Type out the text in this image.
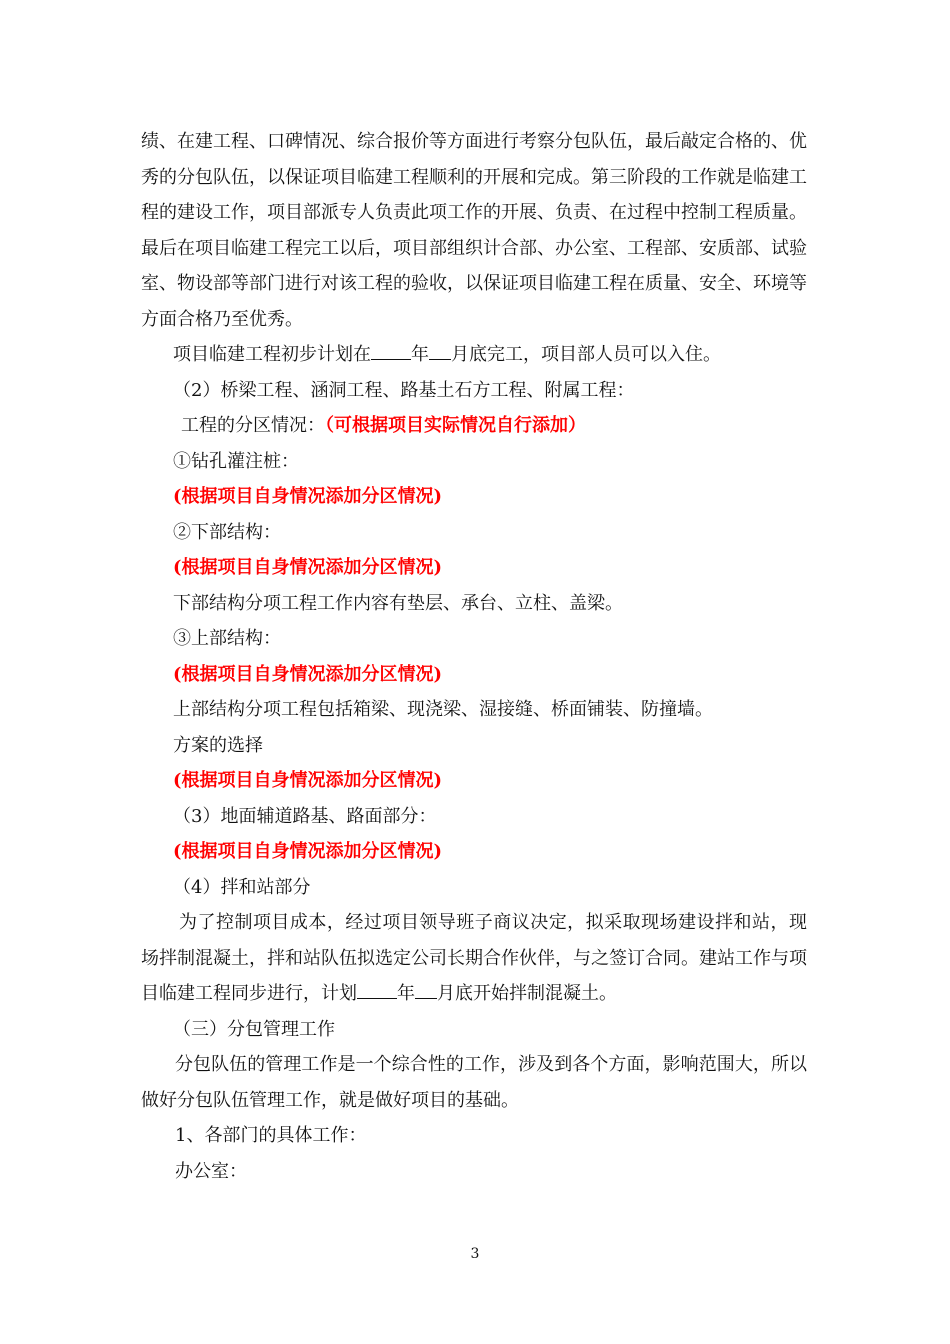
绩、在建工程、口碑情况、综合报价等方面进行考察分包队伍，最后敲定合格的、优秀的分包队伍，以保证项目临建工程顺利的开展和完成。第三阶段的工作就是临建工程的建设工作，项目部派专人负责此项工作的开展、负责、在过程中控制工程质量。最后在项目临建工程完工以后，项目部组织计合部、办公室、工程部、安质部、试验室、物设部等部门进行对该工程的验收，以保证项目临建工程在质量、安全、环境等方面合格乃至优秀。

项目临建工程初步计划在 年 月底完工，项目部人员可以入住。

（2）桥梁工程、涵洞工程、路基土石方工程、附属工程：

工程的分区情况：（可根据项目实际情况自行添加）

①钻孔灌注桩：

(根据项目自身情况添加分区情况)

②下部结构：

(根据项目自身情况添加分区情况)

下部结构分项工程工作内容有垫层、承台、立柱、盖梁。

③上部结构：

(根据项目自身情况添加分区情况)

上部结构分项工程包括箱梁、现浇梁、湿接缝、桥面铺装、防撞墙。

方案的选择

(根据项目自身情况添加分区情况)

（3）地面辅道路基、路面部分：

(根据项目自身情况添加分区情况)

（4）拌和站部分

为了控制项目成本，经过项目领导班子商议决定，拟采取现场建设拌和站，现场拌制混凝土，拌和站队伍拟选定公司长期合作伙伴，与之签订合同。建站工作与项目临建工程同步进行，计划 年 月底开始拌制混凝土。

（三）分包管理工作

分包队伍的管理工作是一个综合性的工作，涉及到各个方面，影响范围大，所以做好分包队伍管理工作，就是做好项目的基础。

1、各部门的具体工作：

办公室：

3
